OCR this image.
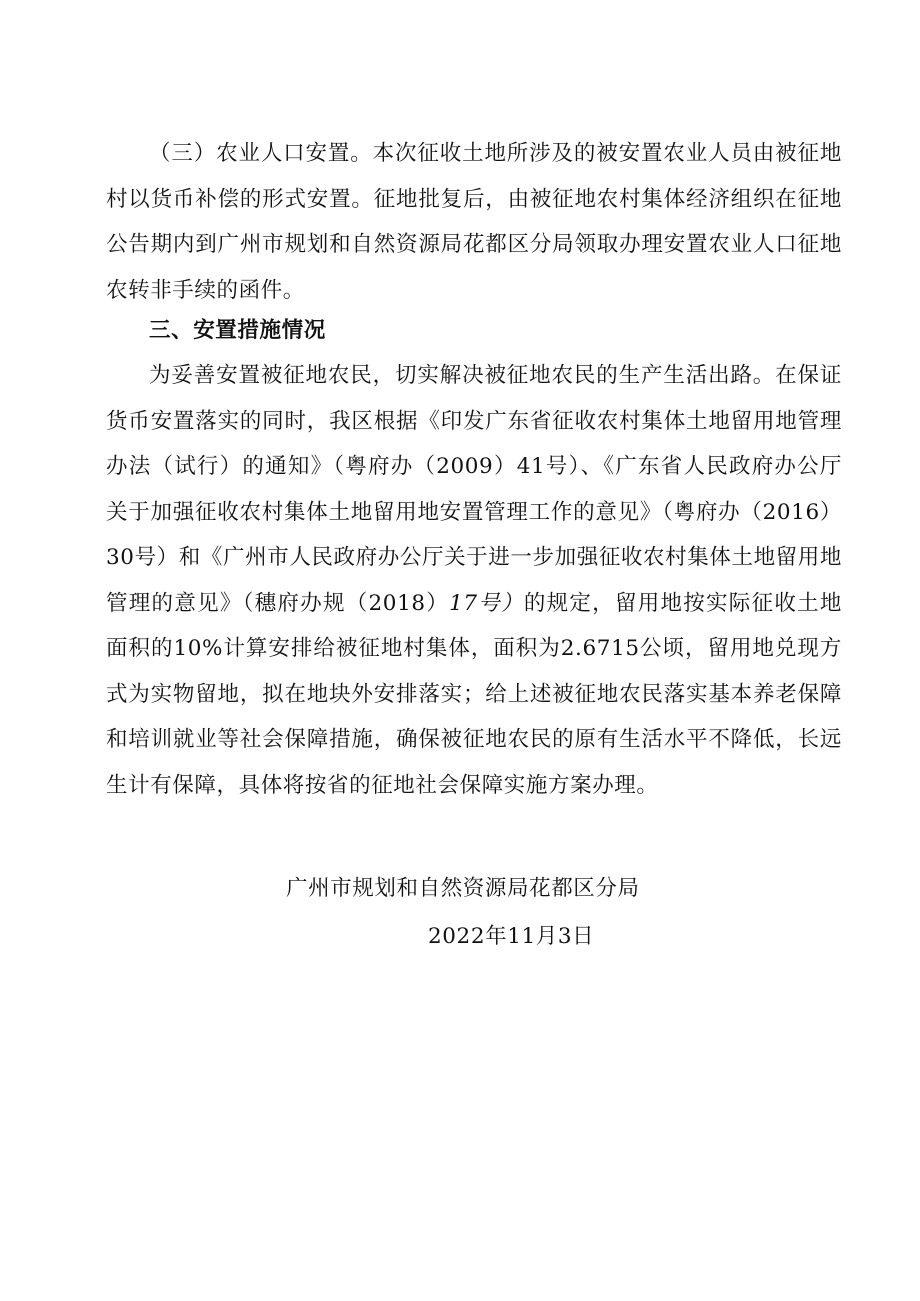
（三）农业人口安置。本次征收土地所涉及的被安置农业人员由被征地村以货币补偿的形式安置。征地批复后，由被征地农村集体经济组织在征地公告期内到广州市规划和自然资源局花都区分局领取办理安置农业人口征地农转非手续的函件。

三、安置措施情况

为妥善安置被征地农民，切实解决被征地农民的生产生活出路。在保证货币安置落实的同时，我区根据《印发广东省征收农村集体土地留用地管理办法（试行）的通知》（粤府办（2009）41号）、《广东省人民政府办公厅关于加强征收农村集体土地留用地安置管理工作的意见》（粤府办（2016）30号）和《广州市人民政府办公厅关于进一步加强征收农村集体土地留用地管理的意见》（穗府办规（2018）17号）的规定，留用地按实际征收土地面积的10%计算安排给被征地村集体，面积为2.6715公顷，留用地兑现方式为实物留地，拟在地块外安排落实；给上述被征地农民落实基本养老保障和培训就业等社会保障措施，确保被征地农民的原有生活水平不降低，长远生计有保障，具体将按省的征地社会保障实施方案办理。

广州市规划和自然资源局花都区分局

2022年11月3日
